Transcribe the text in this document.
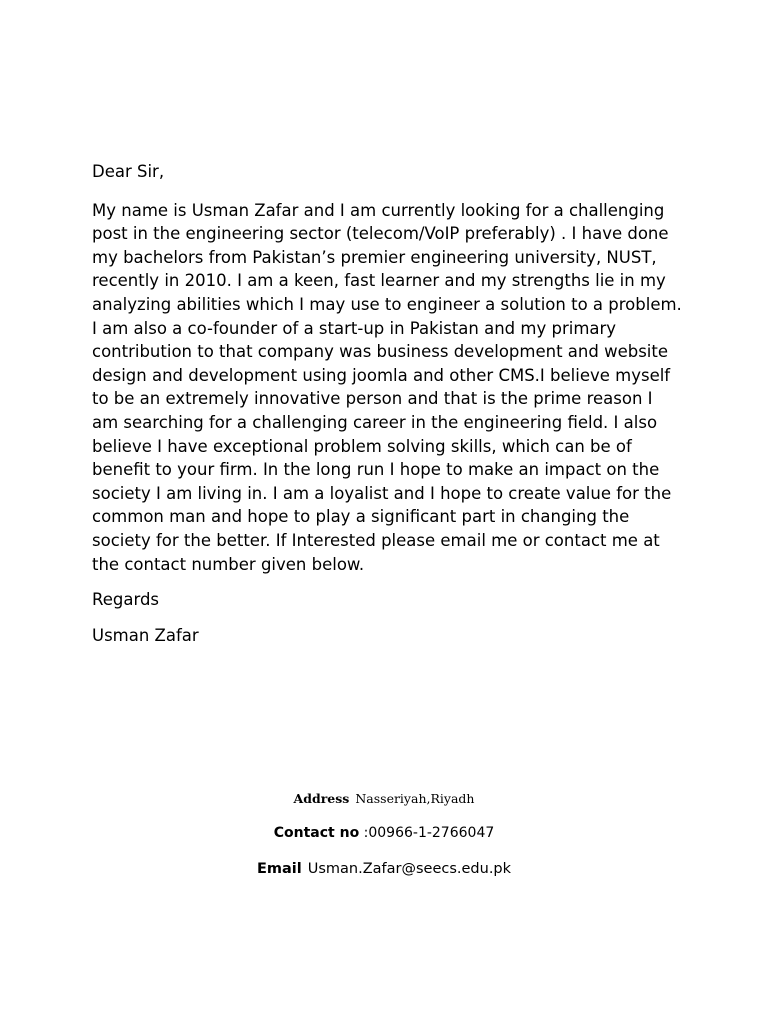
Dear Sir,

My name is Usman Zafar and I am currently looking for a challenging post in the engineering sector (telecom/VoIP preferably) . I have done my bachelors from Pakistan’s premier engineering university, NUST, recently in 2010. I am a keen, fast learner and my strengths lie in my analyzing abilities which I may use to engineer a solution to a problem. I am also a co-founder of a start-up in Pakistan and my primary contribution to that company was business development and website design and development using joomla and other CMS.I believe myself to be an extremely innovative person and that is the prime reason I am searching for a challenging career in the engineering field. I also believe I have exceptional problem solving skills, which can be of benefit to your firm. In the long run I hope to make an impact on the society I am living in. I am a loyalist and I hope to create value for the common man and hope to play a significant part in changing the society for the better. If Interested please email me or contact me at the contact number given below.

Regards

Usman Zafar

Address Nasseriyah,Riyadh
Contact no :00966-1-2766047
Email Usman.Zafar@seecs.edu.pk
